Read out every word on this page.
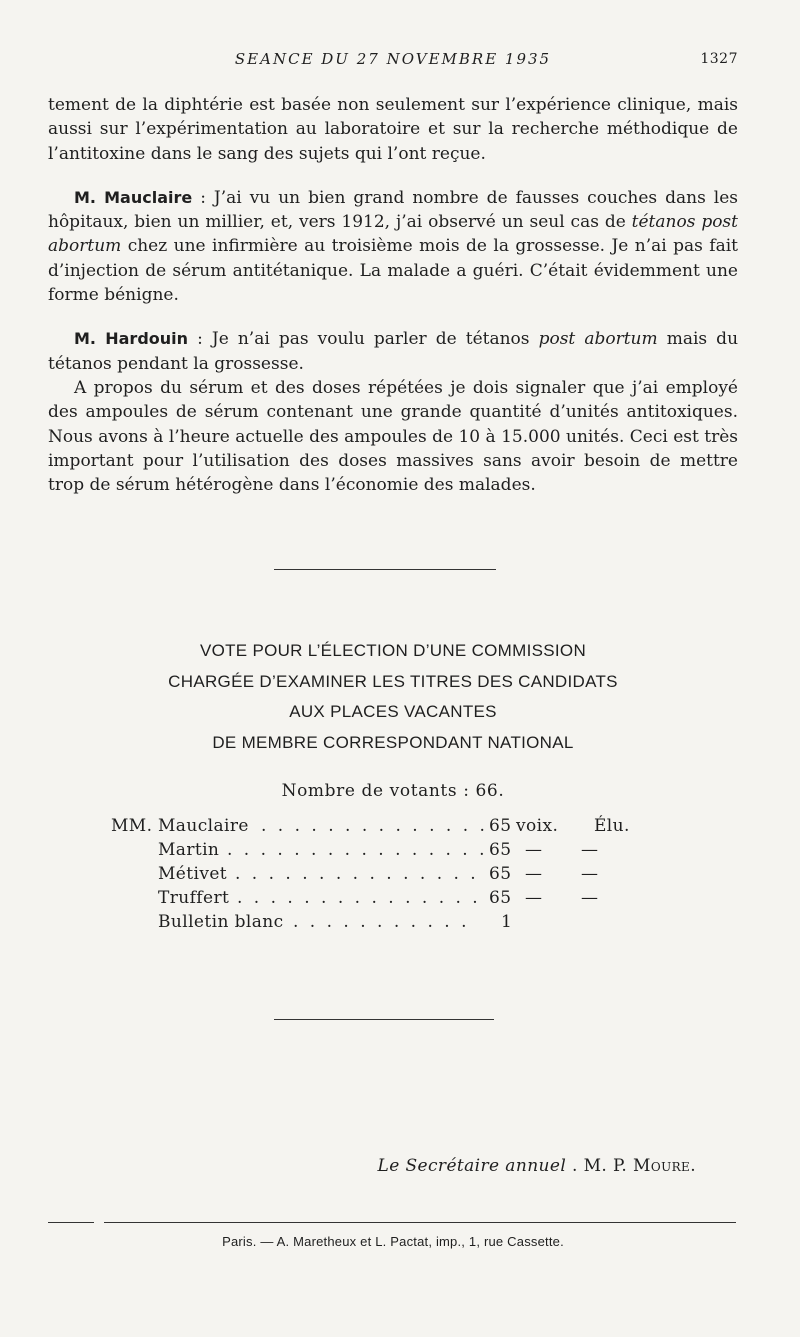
SEANCE DU 27 NOVEMBRE 1935	1327

tement de la diphtérie est basée non seulement sur l’expérience clinique, mais aussi sur l’expérimentation au laboratoire et sur la recherche méthodique de l’antitoxine dans le sang des sujets qui l’ont reçue.

M. Mauclaire : J’ai vu un bien grand nombre de fausses couches dans les hôpitaux, bien un millier, et, vers 1912, j’ai observé un seul cas de tétanos post abortum chez une infirmière au troisième mois de la grossesse. Je n’ai pas fait d’injection de sérum antitétanique. La malade a guéri. C’était évidemment une forme bénigne.

M. Hardouin : Je n’ai pas voulu parler de tétanos post abortum mais du tétanos pendant la grossesse.

A propos du sérum et des doses répétées je dois signaler que j’ai employé des ampoules de sérum contenant une grande quantité d’unités antitoxiques. Nous avons à l’heure actuelle des ampoules de 10 à 15.000 unités. Ceci est très important pour l’utilisation des doses massives sans avoir besoin de mettre trop de sérum hétérogène dans l’économie des malades.

VOTE POUR L’ÉLECTION D’UNE COMMISSION
CHARGÉE D’EXAMINER LES TITRES DES CANDIDATS
AUX PLACES VACANTES
DE MEMBRE CORRESPONDANT NATIONAL
Nombre de votants : 66.
MM. Mauclaire . . . . . . . . . . . . . . 65 voix. Élu.
Martin . . . . . . . . . . . . . . . . 65 — —
Métivet . . . . . . . . . . . . . . . 65 — —
Truffert . . . . . . . . . . . . . . . 65 — —
Bulletin blanc . . . . . . . . . . . 1
Le Secrétaire annuel . M. P. Moure.
Paris. — A. Maretheux et L. Pactat, imp., 1, rue Cassette.
